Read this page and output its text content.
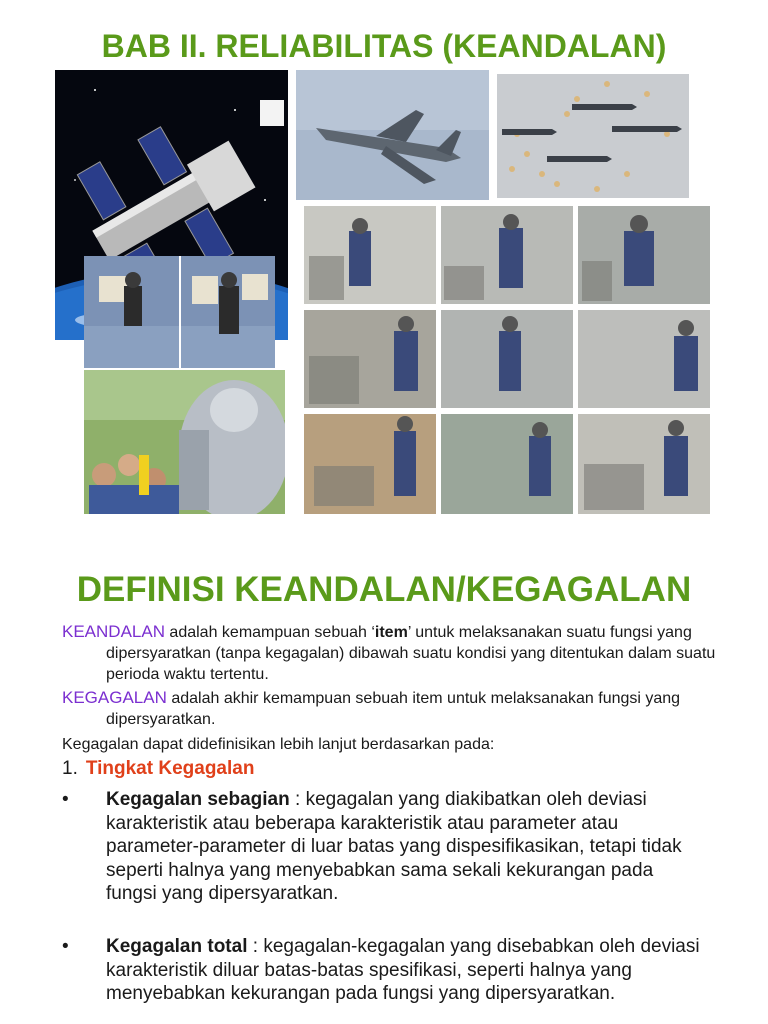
BAB II. RELIABILITAS (KEANDALAN)
DEFINISI KEANDALAN/KEGAGALAN
KEANDALAN adalah kemampuan sebuah ‘item’ untuk melaksanakan suatu fungsi yang dipersyaratkan (tanpa kegagalan) dibawah suatu kondisi yang ditentukan dalam suatu perioda waktu tertentu.
KEGAGALAN adalah akhir kemampuan sebuah item untuk melaksanakan fungsi yang dipersyaratkan.
Kegagalan dapat didefinisikan lebih lanjut berdasarkan pada:
1. Tingkat Kegagalan
• Kegagalan sebagian : kegagalan yang diakibatkan oleh deviasi karakteristik atau beberapa karakteristik atau parameter atau parameter-parameter di luar batas yang dispesifikasikan, tetapi tidak seperti halnya yang menyebabkan sama sekali kekurangan pada fungsi yang dipersyaratkan.
• Kegagalan total : kegagalan-kegagalan yang disebabkan oleh deviasi karakteristik diluar batas-batas spesifikasi, seperti halnya yang menyebabkan kekurangan pada fungsi yang dipersyaratkan.
